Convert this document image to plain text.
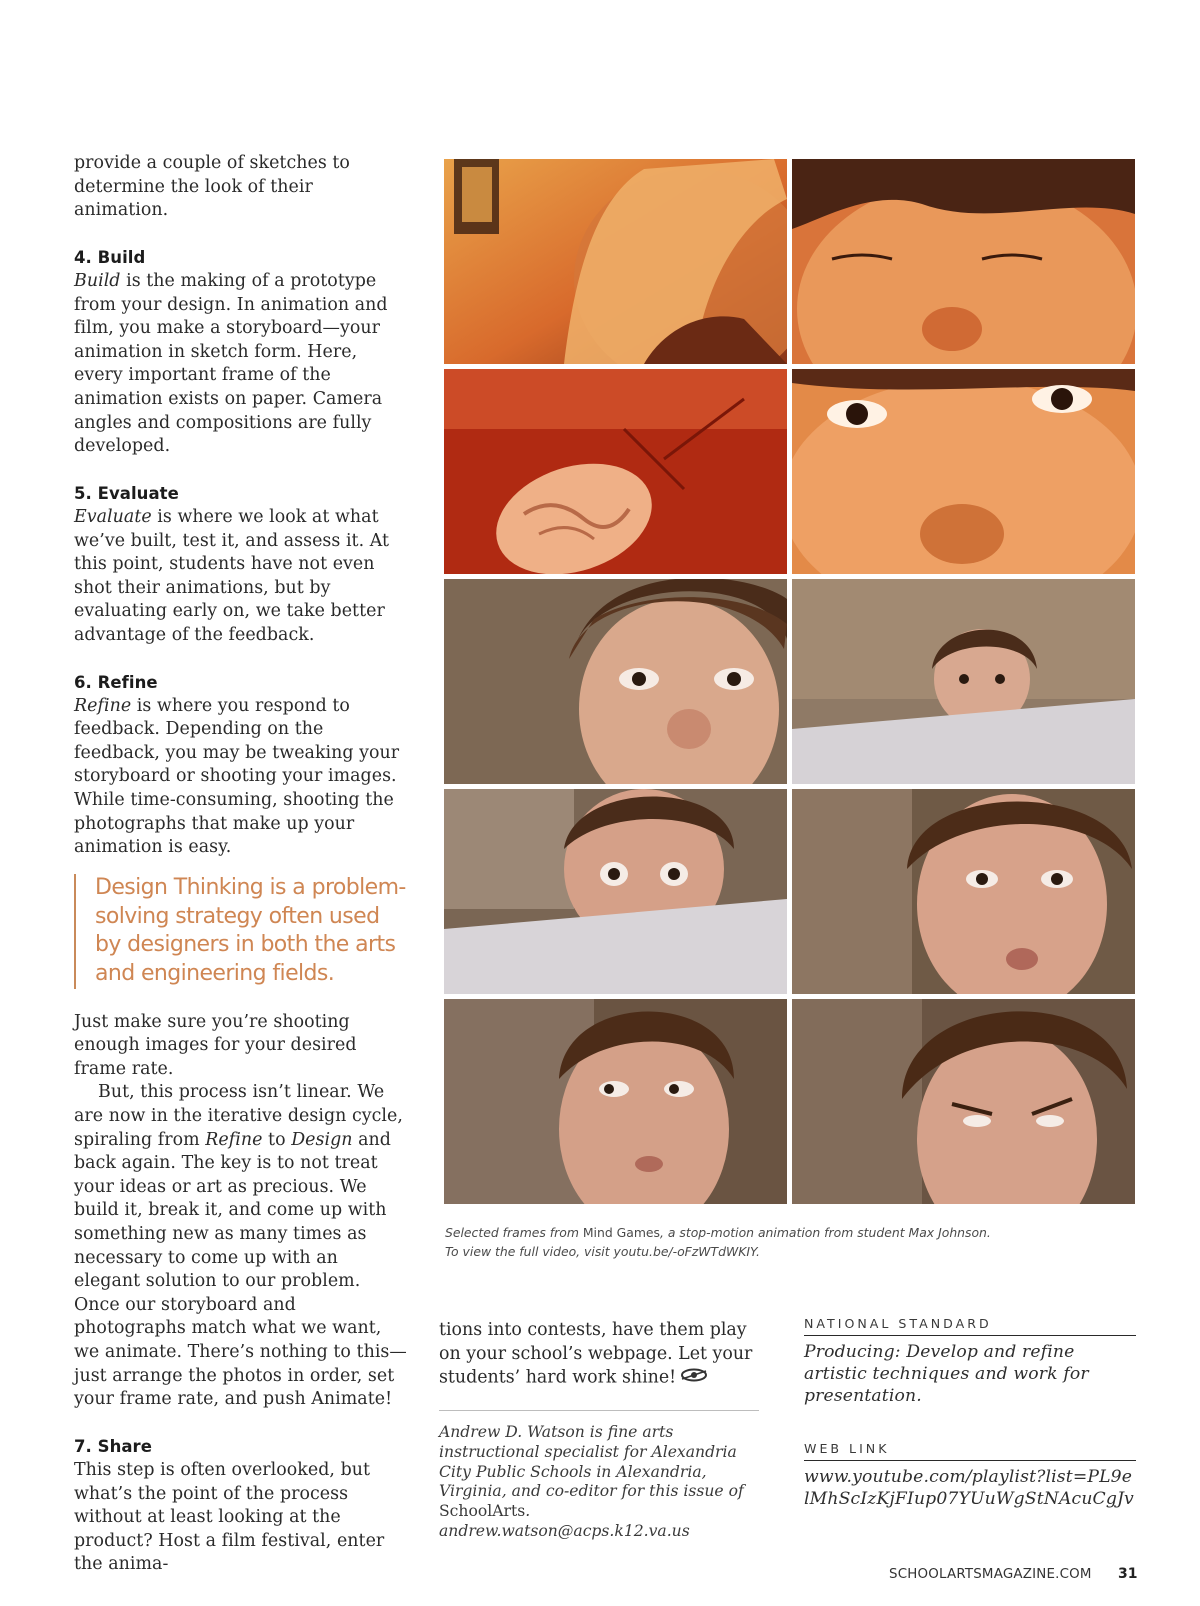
provide a couple of sketches to determine the look of their animation.

4. Build

Build is the making of a prototype from your design. In animation and film, you make a storyboard—your animation in sketch form. Here, every important frame of the animation exists on paper. Camera angles and compositions are fully developed.

5. Evaluate

Evaluate is where we look at what we’ve built, test it, and assess it. At this point, students have not even shot their animations, but by evaluating early on, we take better advantage of the feedback.

6. Refine

Refine is where you respond to feedback. Depending on the feedback, you may be tweaking your storyboard or shooting your images. While time-consuming, shooting the photographs that make up your animation is easy.

Design Thinking is a problem-solving strategy often used by designers in both the arts and engineering fields.

Just make sure you’re shooting enough images for your desired frame rate.

But, this process isn’t linear. We are now in the iterative design cycle, spiraling from Refine to Design and back again. The key is to not treat your ideas or art as precious. We build it, break it, and come up with something new as many times as necessary to come up with an elegant solution to our problem. Once our storyboard and photographs match what we want, we animate. There’s nothing to this—just arrange the photos in order, set your frame rate, and push Animate!

7. Share

This step is often overlooked, but what’s the point of the process without at least looking at the product? Host a film festival, enter the anima-

Selected frames from Mind Games, a stop-motion animation from student Max Johnson.
To view the full video, visit youtu.be/-oFzWTdWKIY.

tions into contests, have them play on your school’s webpage. Let your students’ hard work shine!

Andrew D. Watson is fine arts instructional specialist for Alexandria City Public Schools in Alexandria, Virginia, and co-editor for this issue of SchoolArts.
andrew.watson@acps.k12.va.us

NATIONAL STANDARD
Producing: Develop and refine artistic techniques and work for presentation.
WEB LINK
www.youtube.com/playlist?list=PL9elMhScIzKjFIup07YUuWgStNAcuCgJv
SCHOOLARTSMAGAZINE.COM 31
